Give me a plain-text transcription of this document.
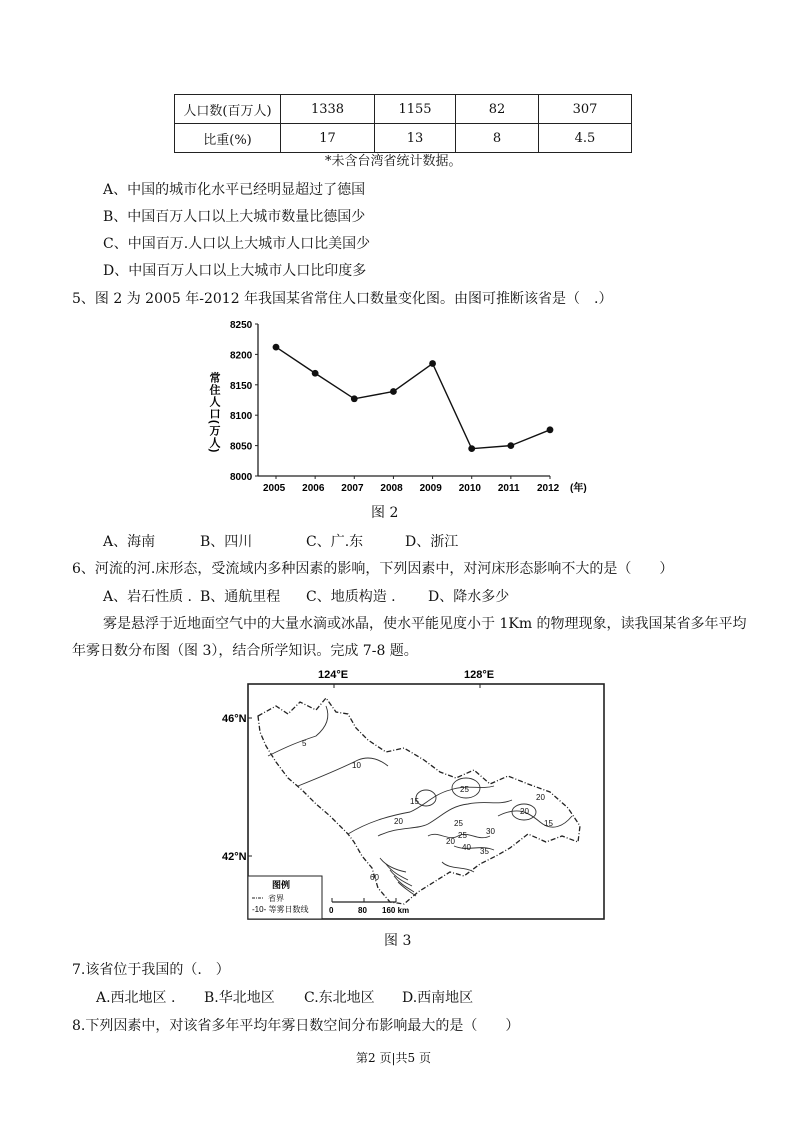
人口数(百万人)	1338	1155	82	307
比重(%)	17	13	8	4.5
*未含台湾省统计数据。
A、中国的城市化水平已经明显超过了德国
B、中国百万人口以上大城市数量比德国少
C、中国百万.人口以上大城市人口比美国少
D、中国百万人口以上大城市人口比印度多
5、图 2 为 2005 年-2012 年我国某省常住人口数量变化图。由图可推断该省是（　.）
8000
8050
8100
8150
8200
8250
2005 2006 2007 2008 2009 2010 2011 2012
常住人口(万人)
(年)
图 2
A、海南	B、四川	C、广.东	D、浙江
6、河流的河.床形态，受流域内多种因素的影响，下列因素中，对河床形态影响不大的是（　　）
A、岩石性质 . B、通航里程 C、地质构造 . D、降水多少
雾是悬浮于近地面空气中的大量水滴或冰晶，使水平能见度小于 1Km 的物理现象，读我国某省多年平均
年雾日数分布图（图 3），结合所学知识。完成 7-8 题。
124°E	128°E
46°N
42°N
5
10
15
20	25
30
35
40
60
20
25
20
15
25
20
图例
省界
-10- 等雾日数线	0	80 160 km
图 3
7.该省位于我国的（.　）
A.西北地区 . B.华北地区 C.东北地区 D.西南地区
8.下列因素中，对该省多年平均年雾日数空间分布影响最大的是（　　）
第2 页|共5 页
